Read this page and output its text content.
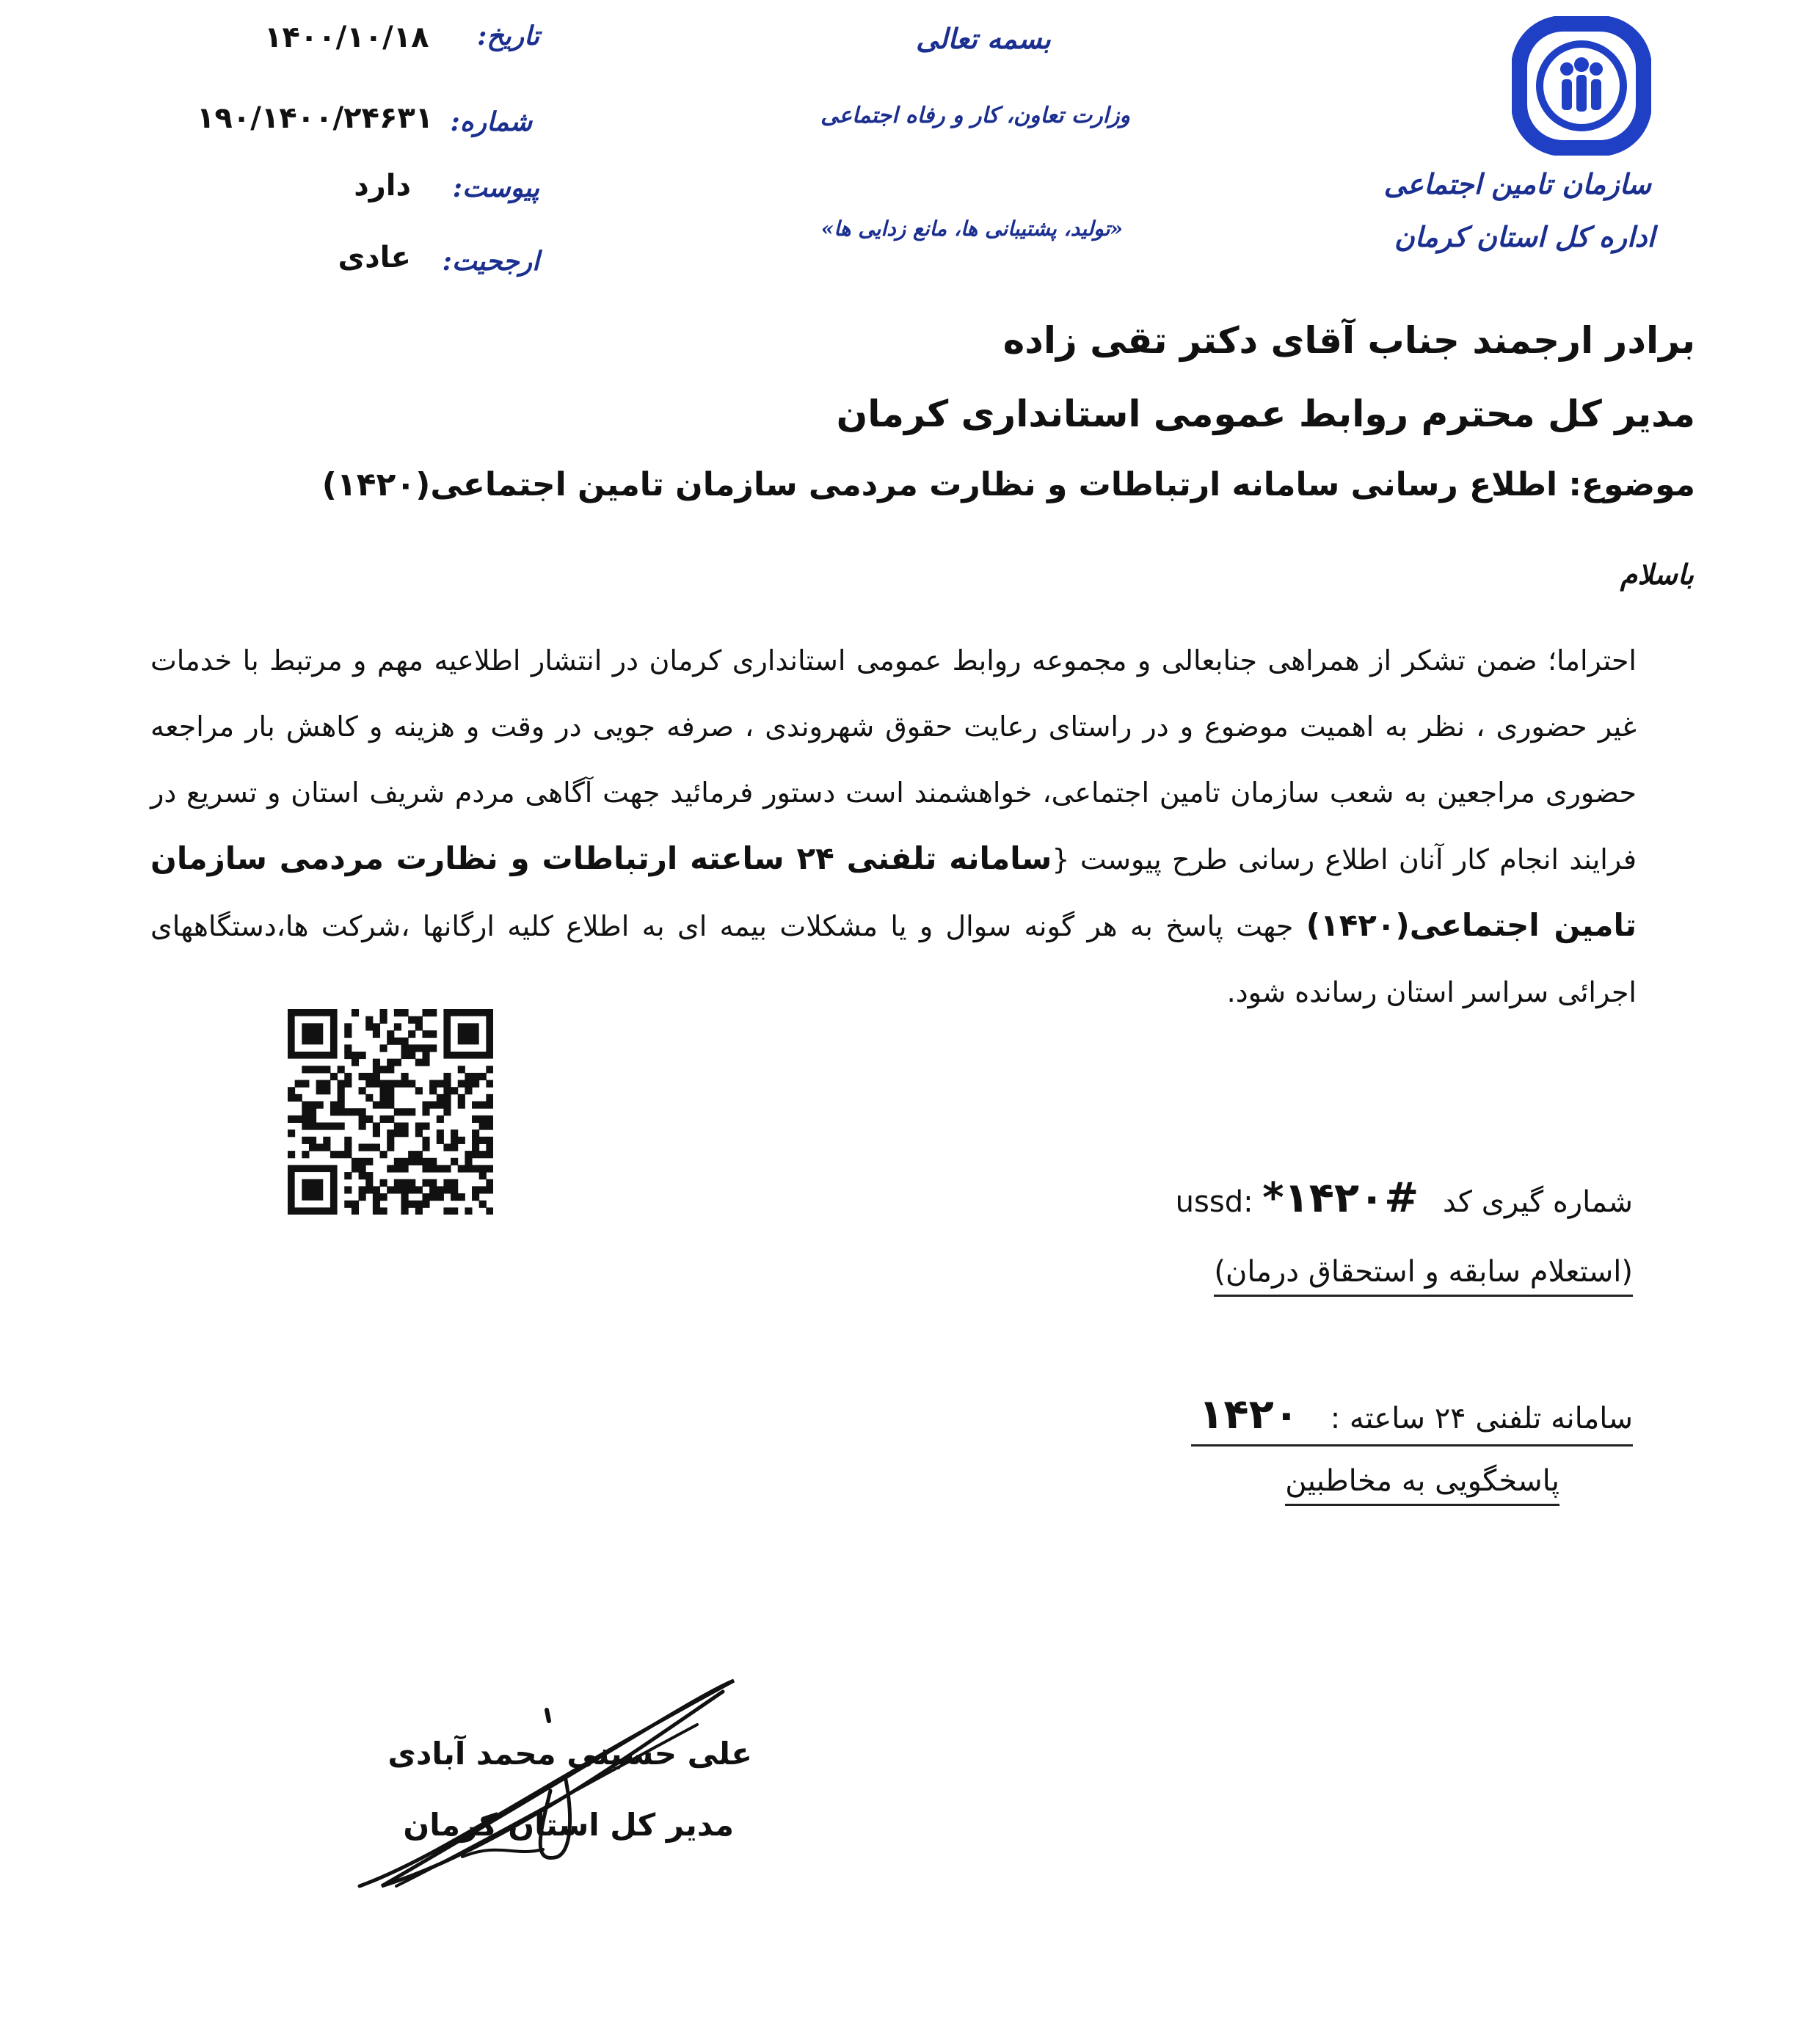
تاریخ:
۱۴۰۰/۱۰/۱۸
شماره:
۱۹۰/۱۴۰۰/۲۴۶۳۱
پیوست:
دارد
ارجحیت:
عادی
بسمه تعالی
وزارت تعاون، کار و رفاه اجتماعی
«تولید، پشتیبانی ها، مانع زدایی ها»
سازمان تامین اجتماعی
اداره کل استان کرمان
برادر ارجمند جناب آقای دکتر تقی زاده
مدیر کل محترم روابط عمومی استانداری کرمان
موضوع: اطلاع رسانی سامانه ارتباطات و نظارت مردمی سازمان تامین اجتماعی(۱۴۲۰)
باسلام
احتراما؛ ضمن تشکر از همراهی جنابعالی و مجموعه روابط عمومی استانداری کرمان در انتشار اطلاعیه مهم و مرتبط با خدمات غیر حضوری ، نظر به اهمیت موضوع و در راستای رعایت حقوق شهروندی ، صرفه جویی در وقت و هزینه و کاهش بار مراجعه حضوری مراجعین به شعب سازمان تامین اجتماعی، خواهشمند است دستور فرمائید جهت آگاهی مردم شریف استان و تسریع در فرایند انجام کار آنان اطلاع رسانی طرح پیوست {سامانه تلفنی ۲۴ ساعته ارتباطات و نظارت مردمی سازمان تامین اجتماعی(۱۴۲۰) جهت پاسخ به هر گونه سوال و یا مشکلات بیمه ای به اطلاع کلیه ارگانها ،شرکت ها،دستگاههای اجرائی سراسر استان رسانده شود.
شماره گیری کد ussd: *۱۴۲۰#
(استعلام سابقه و استحقاق درمان)
سامانه تلفنی ۲۴ ساعته : ۱۴۲۰
پاسخگویی به مخاطبین
علی حسینی محمد آبادی
مدیر کل استان کرمان
